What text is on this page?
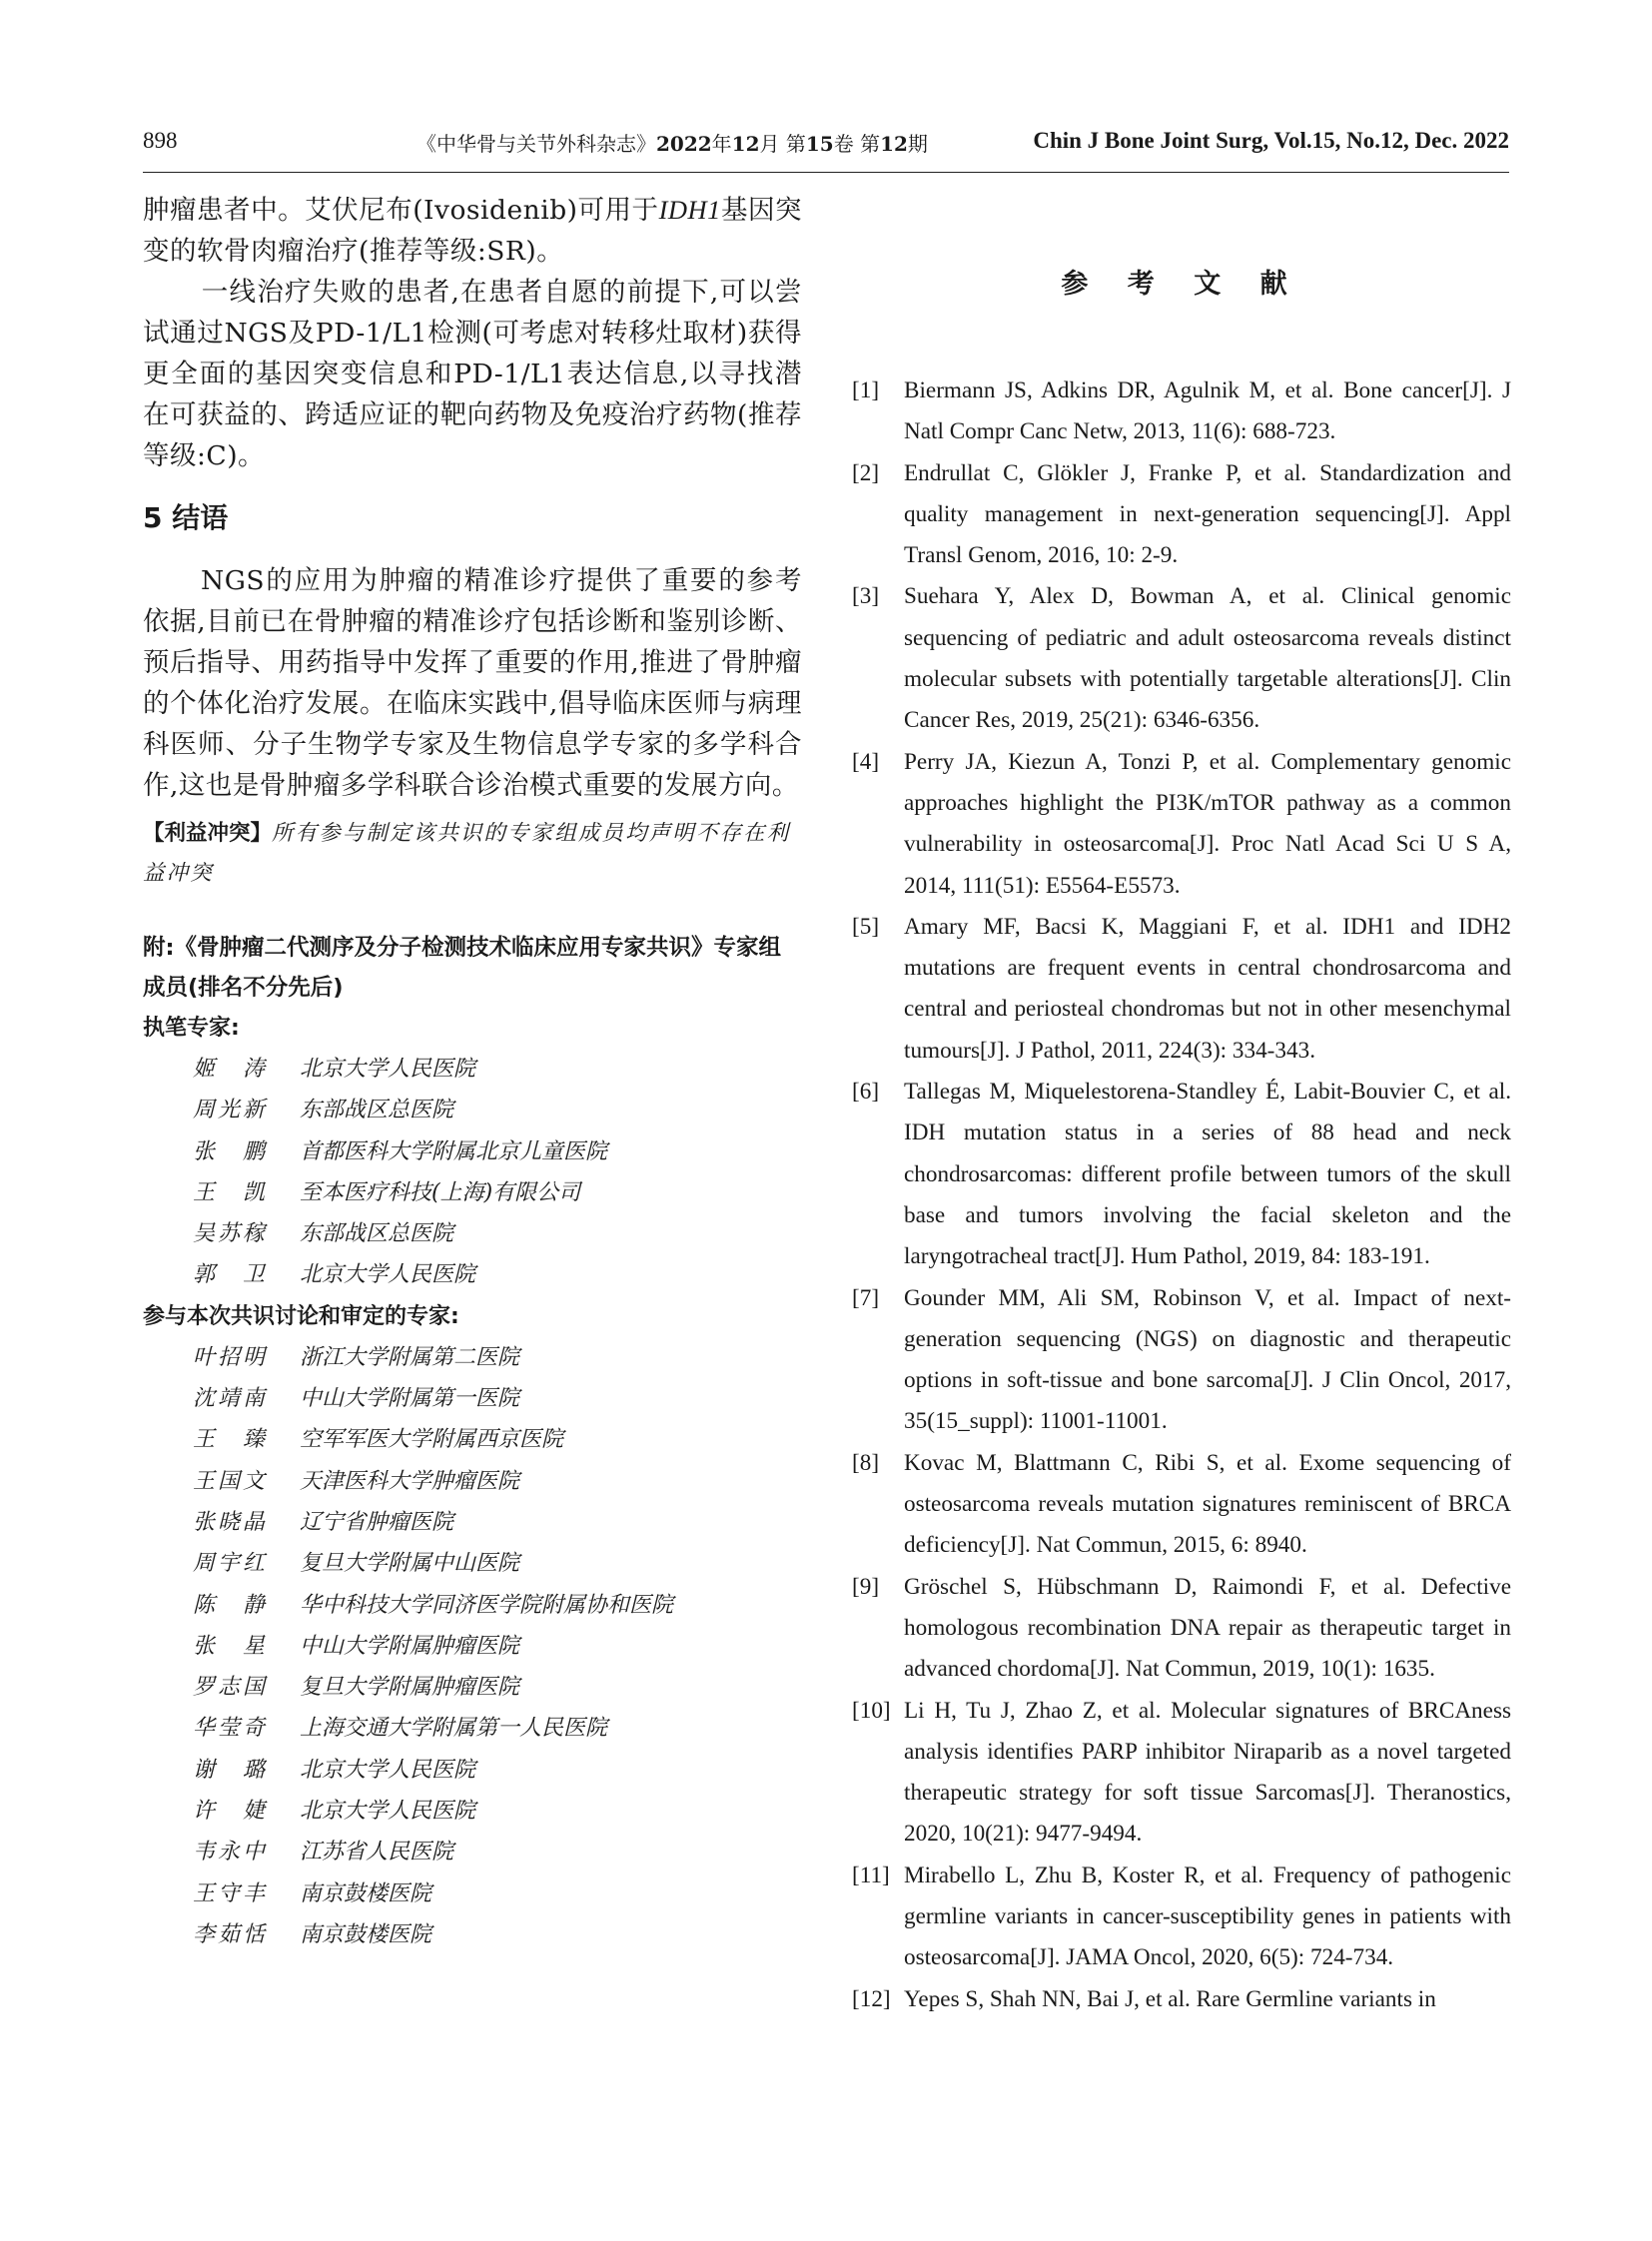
898	《中华骨与关节外科杂志》2022年12月 第15卷 第12期	Chin J Bone Joint Surg, Vol.15, No.12, Dec. 2022

肿瘤患者中。艾伏尼布(Ivosidenib)可用于IDH1基因突变的软骨肉瘤治疗(推荐等级:SR)。

一线治疗失败的患者,在患者自愿的前提下,可以尝试通过NGS及PD-1/L1检测(可考虑对转移灶取材)获得更全面的基因突变信息和PD-1/L1表达信息,以寻找潜在可获益的、跨适应证的靶向药物及免疫治疗药物(推荐等级:C)。

5 结语

NGS的应用为肿瘤的精准诊疗提供了重要的参考依据,目前已在骨肿瘤的精准诊疗包括诊断和鉴别诊断、预后指导、用药指导中发挥了重要的作用,推进了骨肿瘤的个体化治疗发展。在临床实践中,倡导临床医师与病理科医师、分子生物学专家及生物信息学专家的多学科合作,这也是骨肿瘤多学科联合诊治模式重要的发展方向。

【利益冲突】所有参与制定该共识的专家组成员均声明不存在利益冲突

附:《骨肿瘤二代测序及分子检测技术临床应用专家共识》专家组成员(排名不分先后)

执笔专家:

姬　涛 北京大学人民医院
周光新 东部战区总医院
张　鹏 首都医科大学附属北京儿童医院
王　凯 至本医疗科技(上海)有限公司
吴苏稼 东部战区总医院
郭　卫 北京大学人民医院

参与本次共识讨论和审定的专家:

叶招明 浙江大学附属第二医院
沈靖南 中山大学附属第一医院
王　臻 空军军医大学附属西京医院
王国文 天津医科大学肿瘤医院
张晓晶 辽宁省肿瘤医院
周宇红 复旦大学附属中山医院
陈　静 华中科技大学同济医学院附属协和医院
张　星 中山大学附属肿瘤医院
罗志国 复旦大学附属肿瘤医院
华莹奇 上海交通大学附属第一人民医院
谢　璐 北京大学人民医院
许　婕 北京大学人民医院
韦永中 江苏省人民医院
王守丰 南京鼓楼医院
李茹恬 南京鼓楼医院
参 考 文 献
[1] Biermann JS, Adkins DR, Agulnik M, et al. Bone cancer[J]. J Natl Compr Canc Netw, 2013, 11(6): 688-723.
[2] Endrullat C, Glökler J, Franke P, et al. Standardization and quality management in next-generation sequencing[J]. Appl Transl Genom, 2016, 10: 2-9.
[3] Suehara Y, Alex D, Bowman A, et al. Clinical genomic sequencing of pediatric and adult osteosarcoma reveals distinct molecular subsets with potentially targetable alterations[J]. Clin Cancer Res, 2019, 25(21): 6346-6356.
[4] Perry JA, Kiezun A, Tonzi P, et al. Complementary genomic approaches highlight the PI3K/mTOR pathway as a common vulnerability in osteosarcoma[J]. Proc Natl Acad Sci U S A, 2014, 111(51): E5564-E5573.
[5] Amary MF, Bacsi K, Maggiani F, et al. IDH1 and IDH2 mutations are frequent events in central chondrosarcoma and central and periosteal chondromas but not in other mesenchymal tumours[J]. J Pathol, 2011, 224(3): 334-343.
[6] Tallegas M, Miquelestorena-Standley É, Labit-Bouvier C, et al. IDH mutation status in a series of 88 head and neck chondrosarcomas: different profile between tumors of the skull base and tumors involving the facial skeleton and the laryngotracheal tract[J]. Hum Pathol, 2019, 84: 183-191.
[7] Gounder MM, Ali SM, Robinson V, et al. Impact of next-generation sequencing (NGS) on diagnostic and therapeutic options in soft-tissue and bone sarcoma[J]. J Clin Oncol, 2017, 35(15_suppl): 11001-11001.
[8] Kovac M, Blattmann C, Ribi S, et al. Exome sequencing of osteosarcoma reveals mutation signatures reminiscent of BRCA deficiency[J]. Nat Commun, 2015, 6: 8940.
[9] Gröschel S, Hübschmann D, Raimondi F, et al. Defective homologous recombination DNA repair as therapeutic target in advanced chordoma[J]. Nat Commun, 2019, 10(1): 1635.
[10] Li H, Tu J, Zhao Z, et al. Molecular signatures of BRCAness analysis identifies PARP inhibitor Niraparib as a novel targeted therapeutic strategy for soft tissue Sarcomas[J]. Theranostics, 2020, 10(21): 9477-9494.
[11] Mirabello L, Zhu B, Koster R, et al. Frequency of pathogenic germline variants in cancer-susceptibility genes in patients with osteosarcoma[J]. JAMA Oncol, 2020, 6(5): 724-734.
[12] Yepes S, Shah NN, Bai J, et al. Rare Germline variants in
